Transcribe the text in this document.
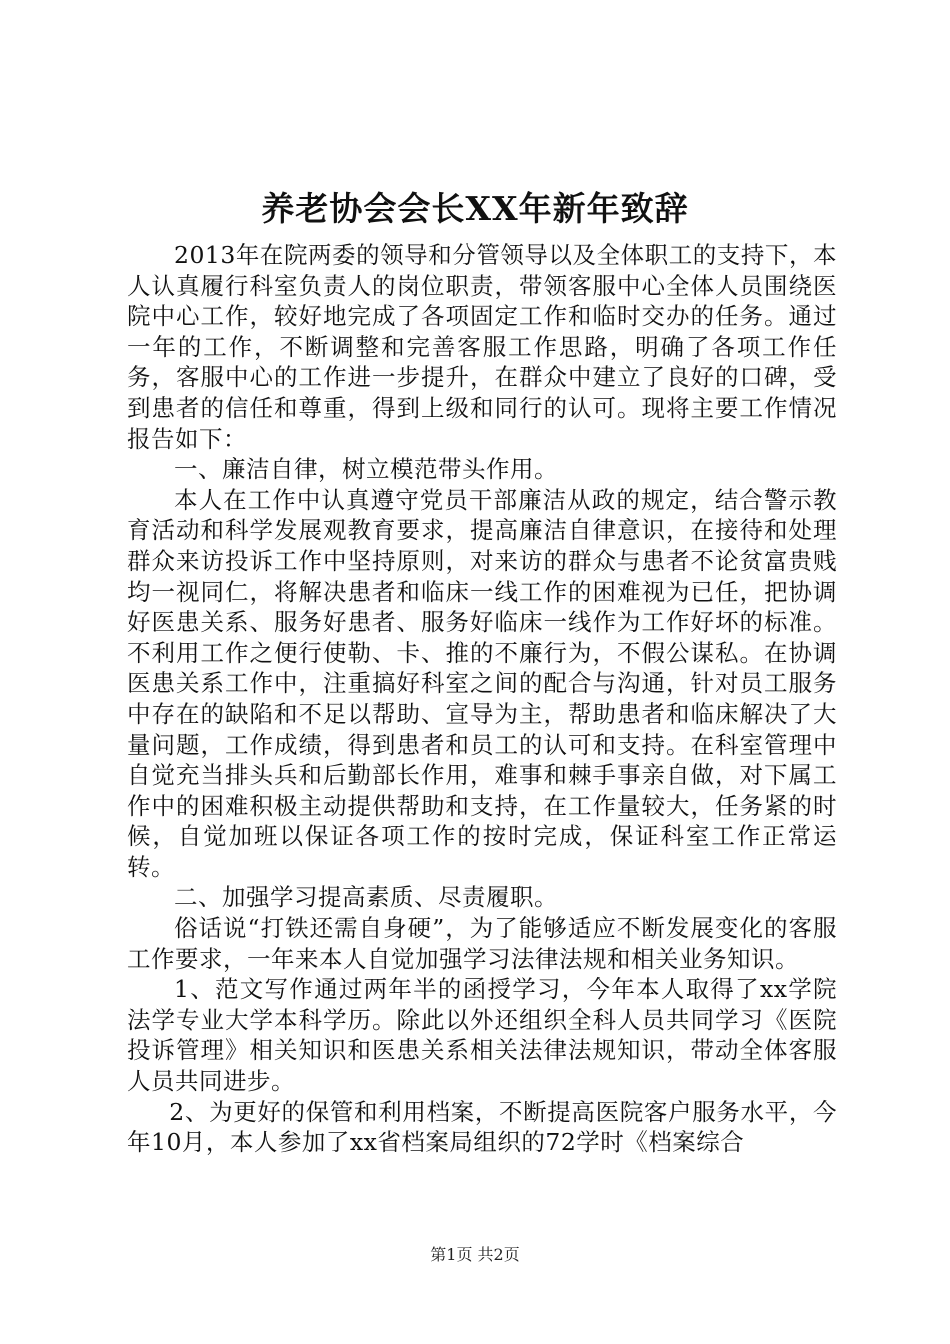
养老协会会长XX年新年致辞

2013年在院两委的领导和分管领导以及全体职工的支持下，本人认真履行科室负责人的岗位职责，带领客服中心全体人员围绕医院中心工作，较好地完成了各项固定工作和临时交办的任务。通过一年的工作，不断调整和完善客服工作思路，明确了各项工作任务，客服中心的工作进一步提升，在群众中建立了良好的口碑，受到患者的信任和尊重，得到上级和同行的认可。现将主要工作情况报告如下：

一、廉洁自律，树立模范带头作用。

本人在工作中认真遵守党员干部廉洁从政的规定，结合警示教育活动和科学发展观教育要求，提高廉洁自律意识，在接待和处理群众来访投诉工作中坚持原则，对来访的群众与患者不论贫富贵贱均一视同仁，将解决患者和临床一线工作的困难视为已任，把协调好医患关系、服务好患者、服务好临床一线作为工作好坏的标准。不利用工作之便行使勒、卡、推的不廉行为，不假公谋私。在协调医患关系工作中，注重搞好科室之间的配合与沟通，针对员工服务中存在的缺陷和不足以帮助、宣导为主，帮助患者和临床解决了大量问题，工作成绩，得到患者和员工的认可和支持。在科室管理中自觉充当排头兵和后勤部长作用，难事和棘手事亲自做，对下属工作中的困难积极主动提供帮助和支持，在工作量较大，任务紧的时候，自觉加班以保证各项工作的按时完成，保证科室工作正常运转。

二、加强学习提高素质、尽责履职。

俗话说“打铁还需自身硬”，为了能够适应不断发展变化的客服工作要求，一年来本人自觉加强学习法律法规和相关业务知识。

1、范文写作通过两年半的函授学习，今年本人取得了xx学院法学专业大学本科学历。除此以外还组织全科人员共同学习《医院投诉管理》相关知识和医患关系相关法律法规知识，带动全体客服人员共同进步。

2、为更好的保管和利用档案，不断提高医院客户服务水平，今年10月，本人参加了xx省档案局组织的72学时《档案综合

第1页 共2页
